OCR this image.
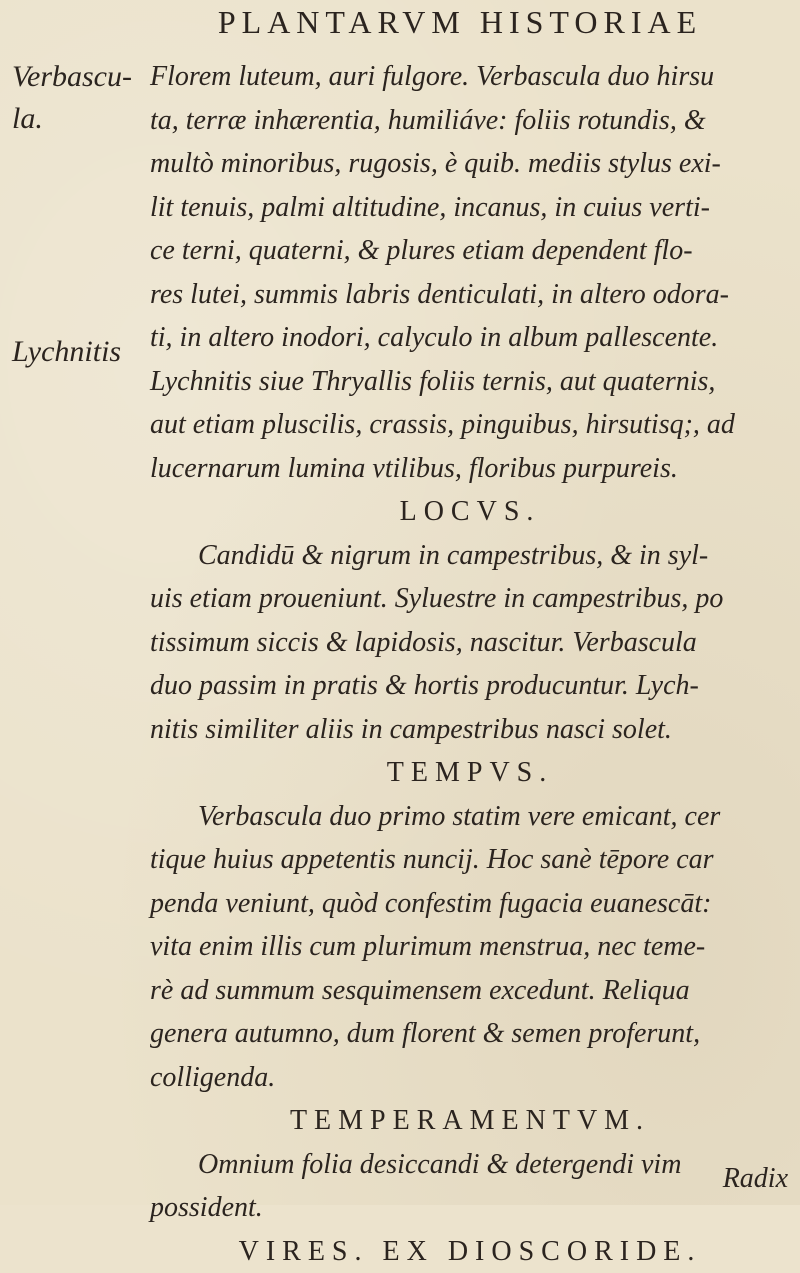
PLANTARVM HISTORIAE
Verbascu-
la.
Lychnitis
Florem luteum, auri fulgore. Verbascula duo hirsu
ta, terræ inhærentia, humiliáve: foliis rotundis, &
multò minoribus, rugosis, è quib. mediis stylus exi-
lit tenuis, palmi altitudine, incanus, in cuius verti-
ce terni, quaterni, & plures etiam dependent flo-
res lutei, summis labris denticulati, in altero odora-
ti, in altero inodori, calyculo in album pallescente.
Lychnitis siue Thryallis foliis ternis, aut quaternis,
aut etiam pluscilis, crassis, pinguibus, hirsutisq;, ad
lucernarum lumina vtilibus, floribus purpureis.
LOCVS.
Candidū & nigrum in campestribus, & in syl-
uis etiam proueniunt. Syluestre in campestribus, po
tissimum siccis & lapidosis, nascitur. Verbascula
duo passim in pratis & hortis producuntur. Lych-
nitis similiter aliis in campestribus nasci solet.
TEMPVS.
Verbascula duo primo statim vere emicant, cer
tique huius appetentis nuncij. Hoc sanè tēpore car
penda veniunt, quòd confestim fugacia euanescāt:
vita enim illis cum plurimum menstrua, nec teme-
rè ad summum sesquimensem excedunt. Reliqua
genera autumno, dum florent & semen proferunt,
colligenda.
TEMPERAMENTVM.
Omnium folia desiccandi & detergendi vim
possident.
VIRES. EX DIOSCORIDE.
Radix
